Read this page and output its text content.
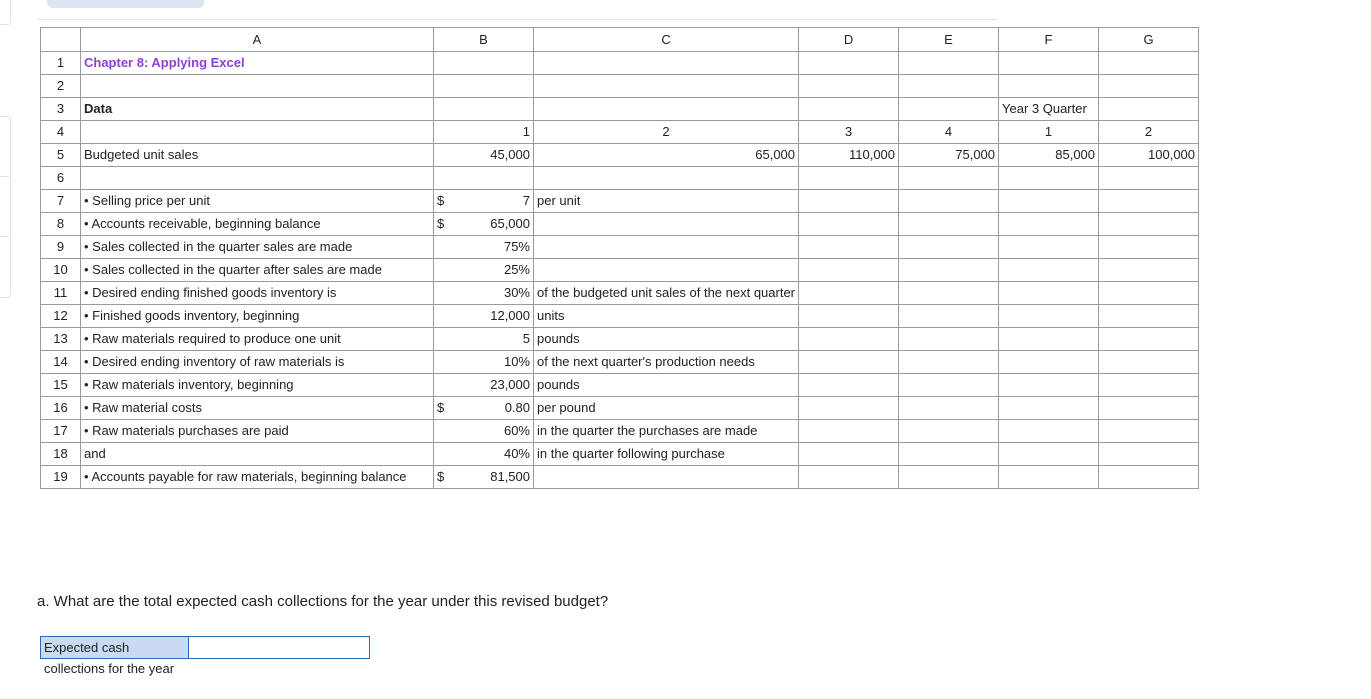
	A	B		C	D	E	F	G
1	Chapter 8: Applying Excel							
2								
3	Data						Year 3 Quarter	
4		1		2	3	4	1	2
5	Budgeted unit sales	45,000		65,000	110,000	75,000	85,000	100,000
6								
7	• Selling price per unit	$	7	per unit				
8	• Accounts receivable, beginning balance	$	65,000					
9	• Sales collected in the quarter sales are made	75%						
10	• Sales collected in the quarter after sales are made	25%						
11	• Desired ending finished goods inventory is	30%		of the budgeted unit sales of the next quarter				
12	• Finished goods inventory, beginning	12,000		units				
13	• Raw materials required to produce one unit	5		pounds				
14	• Desired ending inventory of raw materials is	10%		of the next quarter's production needs				
15	• Raw materials inventory, beginning	23,000		pounds				
16	• Raw material costs	$	0.80	per pound				
17	• Raw materials purchases are paid	60%		in the quarter the purchases are made				
18	and	40%		in the quarter following purchase				
19	• Accounts payable for raw materials, beginning balance	$	81,500					
a. What are the total expected cash collections for the year under this revised budget?
Expected cash collections for the year
